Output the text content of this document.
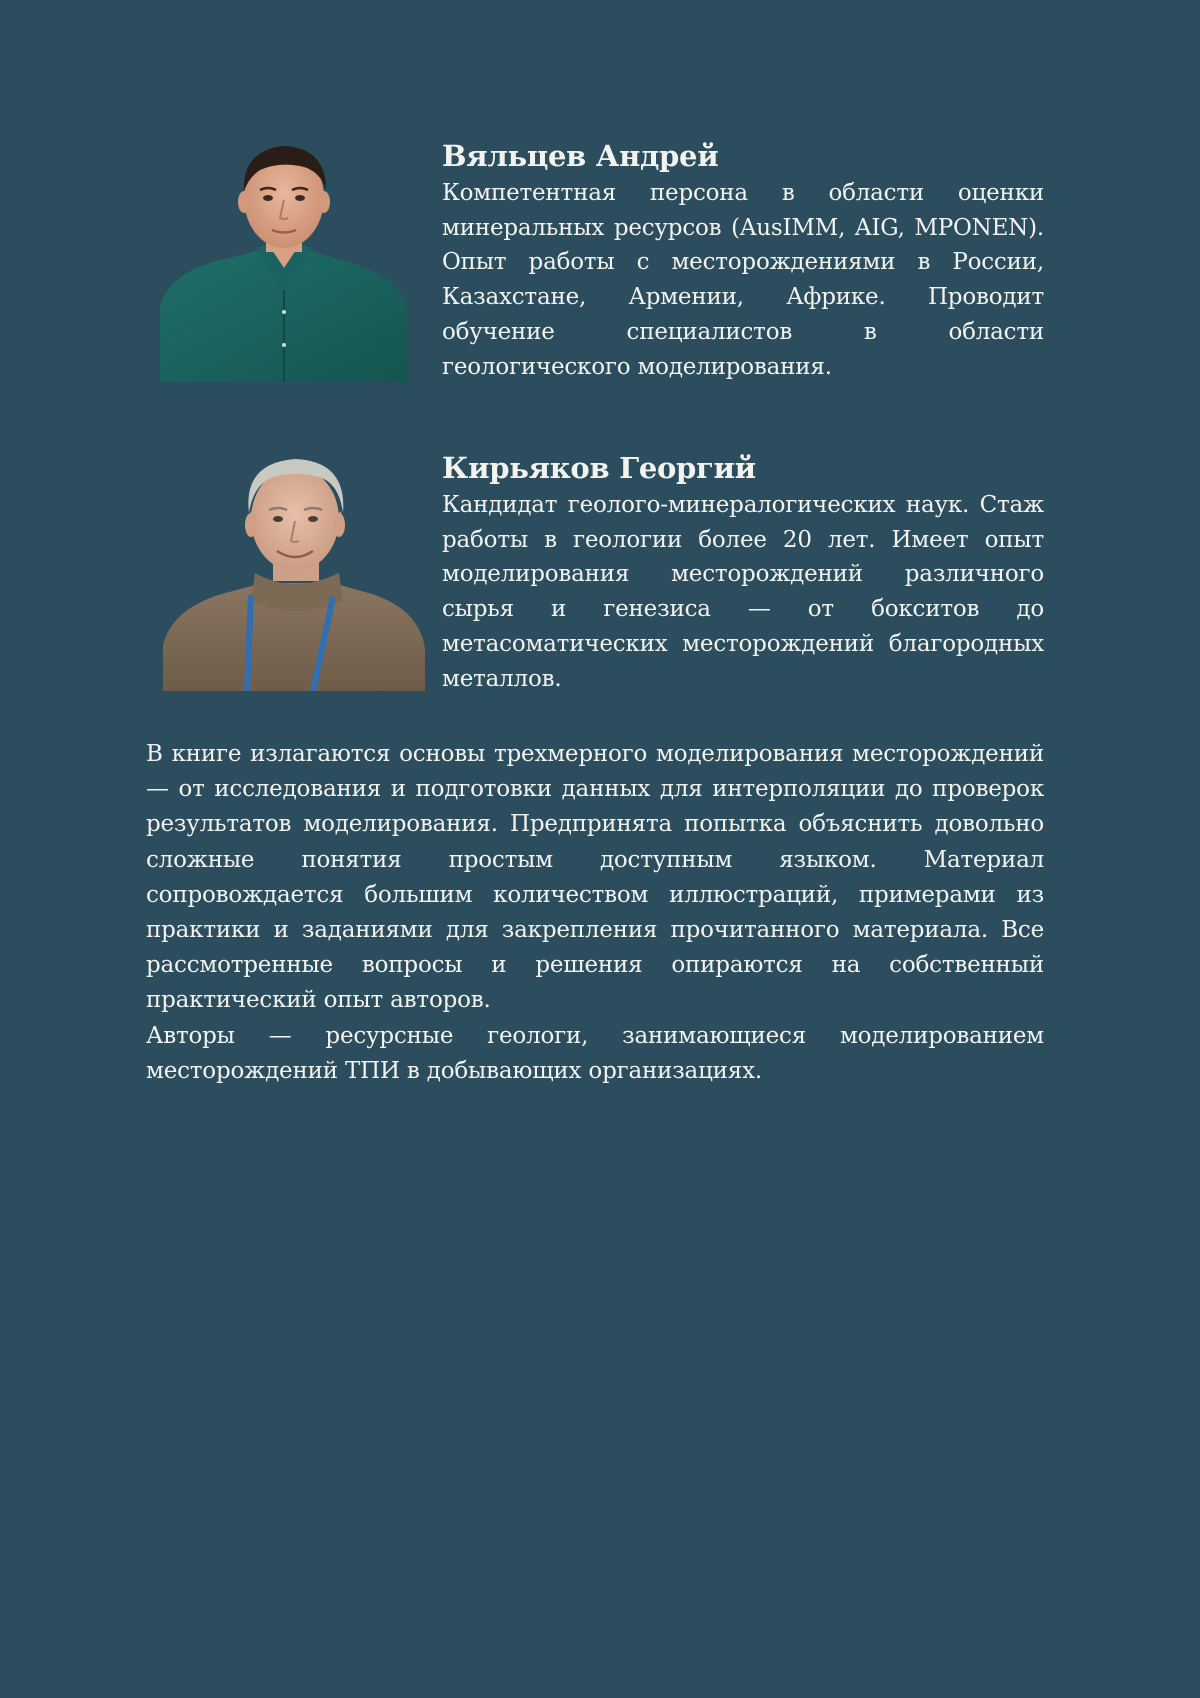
Вяльцев Андрей

Компетентная персона в области оценки минеральных ресурсов (AusIMM, AIG, MPONEN). Опыт работы с месторождениями в России, Казахстане, Армении, Африке. Проводит обучение специалистов в области геологического моделирования.

Кирьяков Георгий

Кандидат геолого-минералогических наук. Стаж работы в геологии более 20 лет. Имеет опыт моделирования месторождений различного сырья и генезиса — от бокситов до метасоматических месторождений благородных металлов.

В книге излагаются основы трехмерного моделирования месторождений — от исследования и подготовки данных для интерполяции до проверок результатов моделирования. Предпринята попытка объяснить довольно сложные понятия простым доступным языком. Материал сопровождается большим количеством иллюстраций, примерами из практики и заданиями для закрепления прочитанного материала. Все рассмотренные вопросы и решения опираются на собственный практический опыт авторов.

Авторы — ресурсные геологи, занимающиеся моделированием месторождений ТПИ в добывающих организациях.
